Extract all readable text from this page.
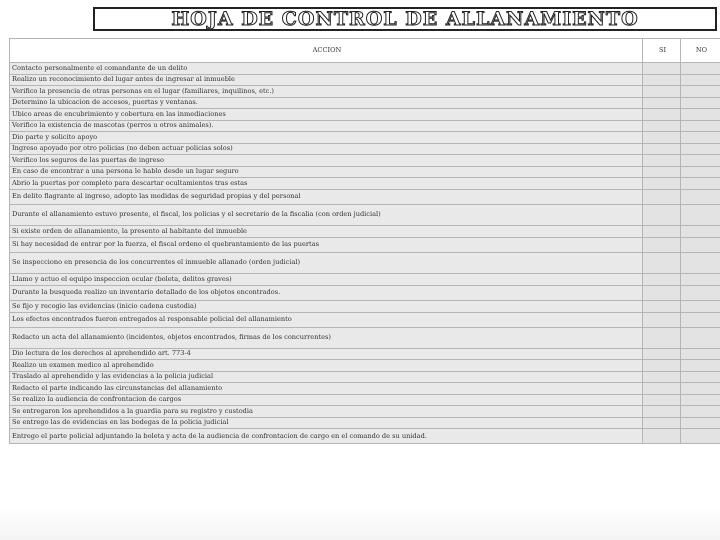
HOJA DE CONTROL DE ALLANAMIENTO
ACCION	SI	NO
Contacto personalmente el comandante de un delito		
Realizo un reconocimiento del lugar antes de ingresar al inmueble		
Verifico la presencia de otras personas en el lugar (familiares, inquilinos, etc.)		
Determino la ubicacion de accesos, puertas y ventanas.		
Ubico areas de encubrimiento y cobertura en las inmediaciones		
Verifico la existencia de mascotas (perros u otros animales).		
Dio parte y solicito apoyo		
Ingreso apoyado por otro policias (no deben actuar policias solos)		
Verifico los seguros de las puertas de ingreso		
En caso de encontrar a una persona le hablo desde un lugar seguro		
Abrio la puertas por completo para descartar ocultamientos tras estas		
En delito flagrante al ingreso, adopto las medidas de seguridad propias y del personal		
Durante el allanamiento estuvo presente, el fiscal, los policias y el secretario de la fiscalia (con orden judicial)		
Si existe orden de allanamiento, la presento al habitante del inmueble		
Si hay necesidad de entrar por la fuerza, el fiscal ordeno el quebrantamiento de las puertas		
Se inspecciono en presencia de los concurrentes el inmueble allanado (orden judicial)		
Llamo y actuo el equipo inspeccion ocular (boleta, delitos graves)		
Durante la busqueda realizo un inventario detallado de los objetos encontrados.		
Se fijo y recogio las evidencias (inicio cadena custodia)		
Los efectos encontrados fueron entregados al responsable policial del allanamiento		
Redacto un acta del allanamiento (incidentes, objetos encontrados, firmas de los concurrentes)		
Dio lectura de los derechos al aprehendido art. 773-4		
Realizo un examen medico al aprehendido		
Traslado al aprehendido y las evidencias a la policia judicial		
Redacto el parte indicando las circunstancias del allanamiento		
Se realizo la audiencia de confrontacion de cargos		
Se entregaron los aprehendidos a la guardia para su registro y custodia		
Se entrego las de evidencias en las bodegas de la policia judicial		
Entrego el parte policial adjuntando la boleta y acta de la audiencia de confrontacion de cargo en el comando de su unidad.		
